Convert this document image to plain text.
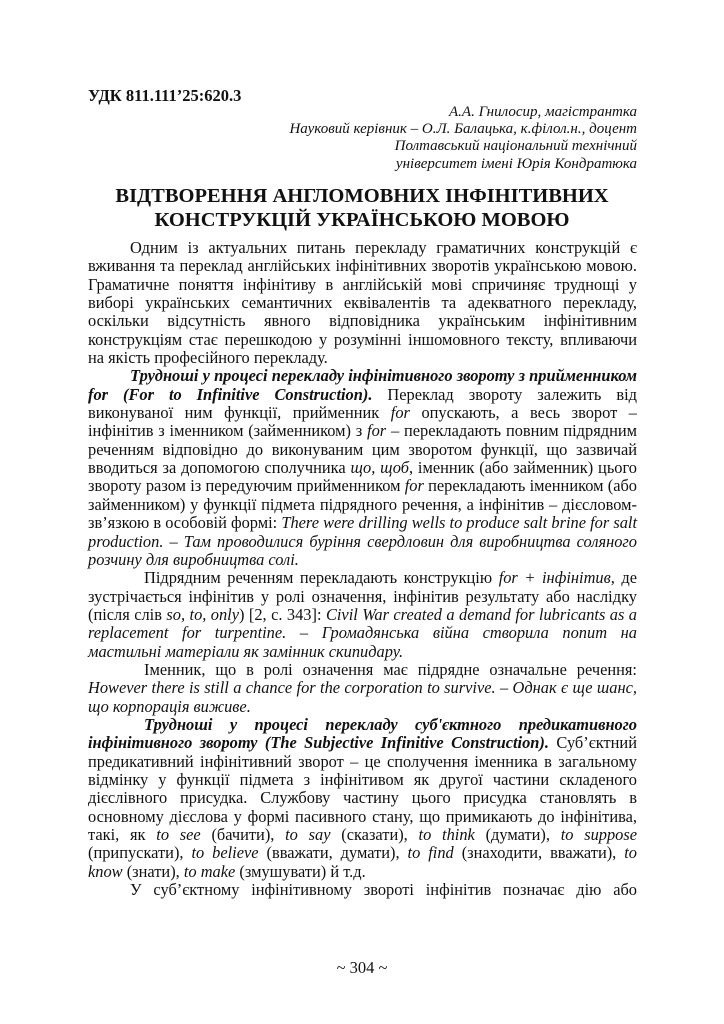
УДК 811.111’25:620.3
А.А. Гнилосир, магістрантка
Науковий керівник – О.Л. Балацька, к.філол.н., доцент
Полтавський національний технічний
університет імені Юрія Кондратюка
ВІДТВОРЕННЯ АНГЛОМОВНИХ ІНФІНІТИВНИХ
КОНСТРУКЦІЙ УКРАЇНСЬКОЮ МОВОЮ

Одним із актуальних питань перекладу граматичних конструкцій є вживання та переклад англійських інфінітивних зворотів українською мовою. Граматичне поняття інфінітиву в англійській мові спричиняє труднощі у виборі українських семантичних еквівалентів та адекватного перекладу, оскільки відсутність явного відповідника українським інфінітивним конструкціям стає перешкодою у розумінні іншомовного тексту, впливаючи на якість професійного перекладу.

Трудноші у процесі перекладу інфінітивного звороту з прийменником for (For to Infinitive Construction). Переклад звороту залежить від виконуваної ним функції, прийменник for опускають, а весь зворот – інфінітив з іменником (займенником) з for – перекладають повним підрядним реченням відповідно до виконуваним цим зворотом функції, що зазвичай вводиться за допомогою сполучника що, щоб, іменник (або займенник) цього звороту разом із передуючим прийменником for перекладають іменником (або займенником) у функції підмета підрядного речення, а інфінітив – дієсловом-зв’язкою в особовій формі: There were drilling wells to produce salt brine for salt production. – Там проводилися буріння свердловин для виробництва соляного розчину для виробництва солі.

Підрядним реченням перекладають конструкцію for + інфінітив, де зустрічається інфінітив у ролі означення, інфінітив результату або наслідку (після слів so, to, only) [2, с. 343]: Civil War created a demand for lubricants as a replacement for turpentine. – Громадянська війна створила попит на мастильні матеріали як замінник скипидару.

Іменник, що в ролі означення має підрядне означальне речення: However there is still a chance for the corporation to survive. – Однак є ще шанс, що корпорація виживе.

Трудноші у процесі перекладу суб'єктного предикативного інфінітивного звороту (The Subjective Infinitive Construction). Суб’єктний предикативний інфінітивний зворот – це сполучення іменника в загальному відмінку у функції підмета з інфінітивом як другої частини складеного дієслівного присудка. Службову частину цього присудка становлять в основному дієслова у формі пасивного стану, що примикають до інфінітива, такі, як to see (бачити), to say (сказати), to think (думати), to suppose (припускати), to believe (вважати, думати), to find (знаходити, вважати), to know (знати), to make (змушувати) й т.д.

У суб’єктному інфінітивному звороті інфінітив позначає дію або

~ 304 ~
